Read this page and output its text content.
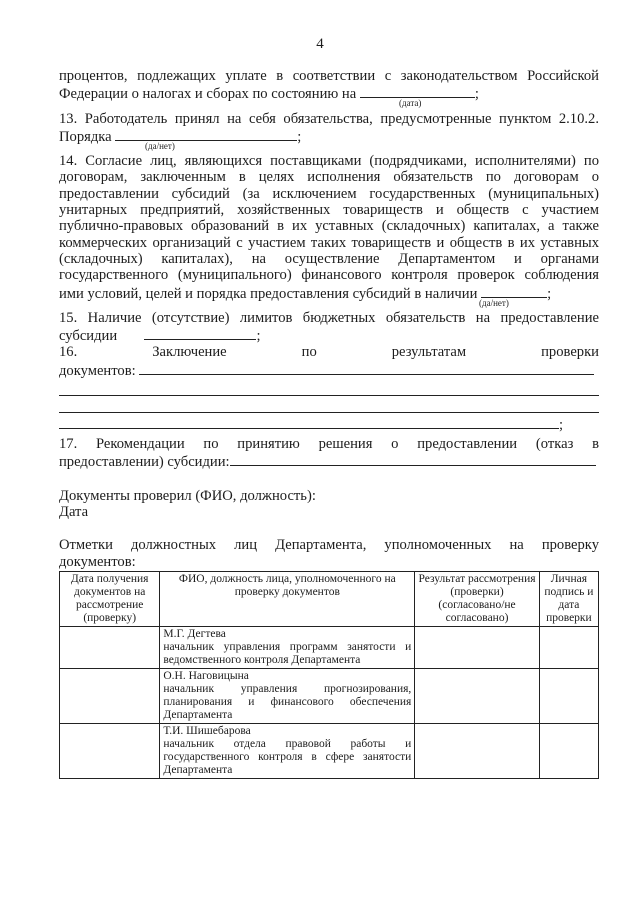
4
процентов, подлежащих уплате в соответствии с законодательством Российской
Федерации о налогах и сборах по состоянию на	;
(дата)
13. Работодатель принял на себя обязательства, предусмотренные пунктом 2.10.2.
Порядка	;
(да/нет)
14. Согласие лиц, являющихся поставщиками (подрядчиками, исполнителями) по
договорам, заключенным в целях исполнения обязательств по договорам о
предоставлении субсидий (за исключением государственных (муниципальных)
унитарных предприятий, хозяйственных товариществ и обществ с участием
публично-правовых образований в их уставных (складочных) капиталах, а также
коммерческих организаций с участием таких товариществ и обществ в их уставных
(складочных) капиталах), на осуществление Департаментом и органами
государственного (муниципального) финансового контроля проверок соблюдения
ими условий, целей и порядка предоставления субсидий в наличии	;
(да/нет)
15. Наличие (отсутствие) лимитов бюджетных обязательств на предоставление
субсидии	;
16. Заключение по результатам проверки
документов:
;
17. Рекомендации по принятию решения о предоставлении (отказ в
предоставлении) субсидии:
Документы проверил (ФИО, должность):
Дата
Отметки должностных лиц Департамента, уполномоченных на проверку
документов:
Дата получения документов на рассмотрение (проверку)	ФИО, должность лица, уполномоченного на проверку документов	Результат рассмотрения (проверки) (согласовано/не согласовано)	Личная подпись и дата проверки

	М.Г. Дегтева
начальник управления программ занятости и ведомственного контроля Департамента		

	О.Н. Наговицына
начальник управления прогнозирования, планирования и финансового обеспечения Департамента		

	Т.И. Шишебарова
начальник отдела правовой работы и государственного контроля в сфере занятости Департамента		
